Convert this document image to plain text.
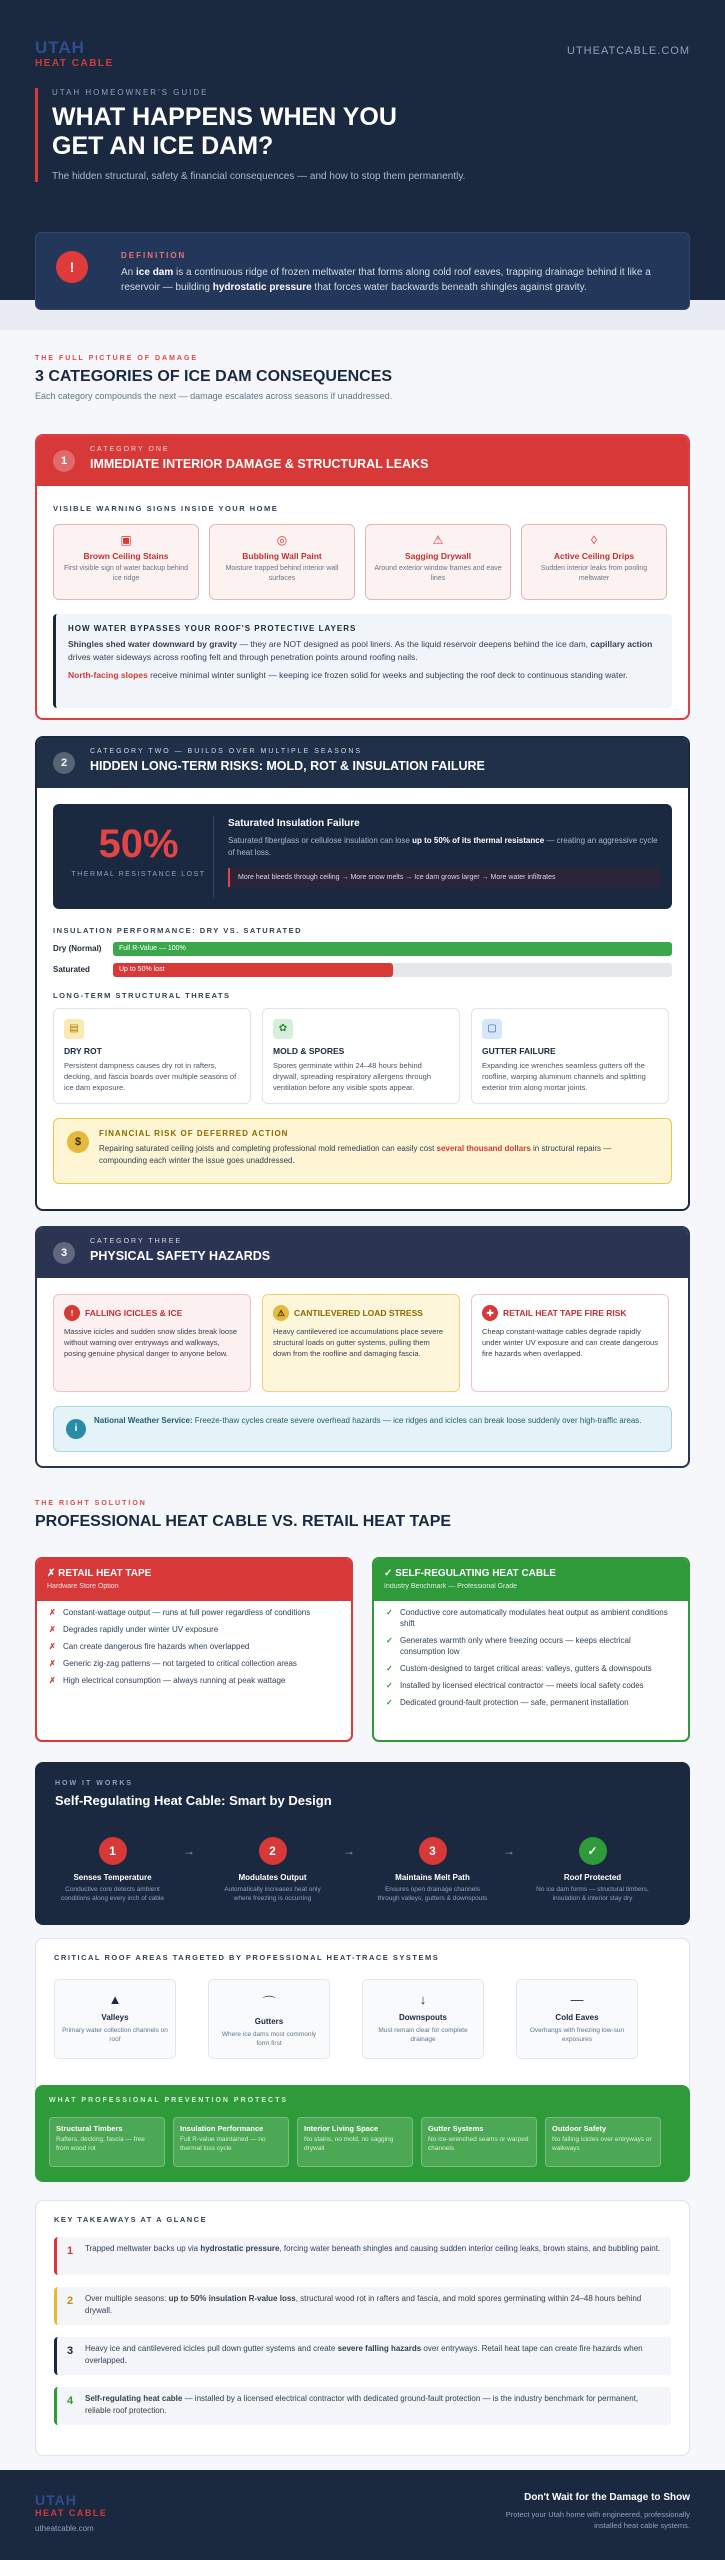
UTAH
HEAT CABLE
UTHEATCABLE.COM
UTAH HOMEOWNER'S GUIDE
WHAT HAPPENS WHEN YOU GET AN ICE DAM?
The hidden structural, safety & financial consequences — and how to stop them permanently.
!
DEFINITION
An ice dam is a continuous ridge of frozen meltwater that forms along cold roof eaves, trapping drainage behind it like a reservoir — building hydrostatic pressure that forces water backwards beneath shingles against gravity.
THE FULL PICTURE OF DAMAGE
3 CATEGORIES OF ICE DAM CONSEQUENCES
Each category compounds the next — damage escalates across seasons if unaddressed.
1
CATEGORY ONE
IMMEDIATE INTERIOR DAMAGE & STRUCTURAL LEAKS
VISIBLE WARNING SIGNS INSIDE YOUR HOME
▣
Brown Ceiling Stains
First visible sign of water backup behind ice ridge
◎
Bubbling Wall Paint
Moisture trapped behind interior wall surfaces
⚠
Sagging Drywall
Around exterior window frames and eave lines
◊
Active Ceiling Drips
Sudden interior leaks from pooling meltwater
HOW WATER BYPASSES YOUR ROOF'S PROTECTIVE LAYERS

Shingles shed water downward by gravity — they are NOT designed as pool liners. As the liquid reservoir deepens behind the ice dam, capillary action drives water sideways across roofing felt and through penetration points around roofing nails.

North-facing slopes receive minimal winter sunlight — keeping ice frozen solid for weeks and subjecting the roof deck to continuous standing water.

2
CATEGORY TWO — BUILDS OVER MULTIPLE SEASONS
HIDDEN LONG-TERM RISKS: MOLD, ROT & INSULATION FAILURE
50%
THERMAL RESISTANCE LOST
Saturated Insulation Failure
Saturated fiberglass or cellulose insulation can lose up to 50% of its thermal resistance — creating an aggressive cycle of heat loss.
More heat bleeds through ceiling → More snow melts → Ice dam grows larger → More water infiltrates
INSULATION PERFORMANCE: DRY VS. SATURATED
Dry (Normal)	Full R-Value — 100%
Saturated	Up to 50% lost
LONG-TERM STRUCTURAL THREATS
▤
DRY ROT
Persistent dampness causes dry rot in rafters, decking, and fascia boards over multiple seasons of ice dam exposure.
✿
MOLD & SPORES
Spores germinate within 24–48 hours behind drywall, spreading respiratory allergens through ventilation before any visible spots appear.
▢
GUTTER FAILURE
Expanding ice wrenches seamless gutters off the roofline, warping aluminum channels and splitting exterior trim along mortar joints.
$
FINANCIAL RISK OF DEFERRED ACTION
Repairing saturated ceiling joists and completing professional mold remediation can easily cost several thousand dollars in structural repairs — compounding each winter the issue goes unaddressed.
3
CATEGORY THREE
PHYSICAL SAFETY HAZARDS
! FALLING ICICLES & ICE
Massive icicles and sudden snow slides break loose without warning over entryways and walkways, posing genuine physical danger to anyone below.
⚠ CANTILEVERED LOAD STRESS
Heavy cantilevered ice accumulations place severe structural loads on gutter systems, pulling them down from the roofline and damaging fascia.
✚ RETAIL HEAT TAPE FIRE RISK
Cheap constant-wattage cables degrade rapidly under winter UV exposure and can create dangerous fire hazards when overlapped.
i
National Weather Service: Freeze-thaw cycles create severe overhead hazards — ice ridges and icicles can break loose suddenly over high-traffic areas.
THE RIGHT SOLUTION
PROFESSIONAL HEAT CABLE VS. RETAIL HEAT TAPE
✗ RETAIL HEAT TAPE
Hardware Store Option
✗ Constant-wattage output — runs at full power regardless of conditions
✗ Degrades rapidly under winter UV exposure
✗ Can create dangerous fire hazards when overlapped
✗ Generic zig-zag patterns — not targeted to critical collection areas
✗ High electrical consumption — always running at peak wattage
✓ SELF-REGULATING HEAT CABLE
Industry Benchmark — Professional Grade
✓ Conductive core automatically modulates heat output as ambient conditions shift
✓ Generates warmth only where freezing occurs — keeps electrical consumption low
✓ Custom-designed to target critical areas: valleys, gutters & downspouts
✓ Installed by licensed electrical contractor — meets local safety codes
✓ Dedicated ground-fault protection — safe, permanent installation
HOW IT WORKS
Self-Regulating Heat Cable: Smart by Design
1
Senses Temperature
Conductive core detects ambient conditions along every inch of cable
→	2
Modulates Output
Automatically increases heat only where freezing is occurring
→	3
Maintains Melt Path
Ensures open drainage channels through valleys, gutters & downspouts
→	✓
Roof Protected
No ice dam forms — structural timbers, insulation & interior stay dry
CRITICAL ROOF AREAS TARGETED BY PROFESSIONAL HEAT-TRACE SYSTEMS
▲
Valleys
Primary water collection channels on roof
⌒
Gutters
Where ice dams most commonly form first
↓
Downspouts
Must remain clear for complete drainage
—
Cold Eaves
Overhangs with freezing low-sun exposures
WHAT PROFESSIONAL PREVENTION PROTECTS
Structural Timbers
Rafters, decking, fascia — free from wood rot
Insulation Performance
Full R-value maintained — no thermal loss cycle
Interior Living Space
No stains, no mold, no sagging drywall
Gutter Systems
No ice-wrenched seams or warped channels
Outdoor Safety
No falling icicles over entryways or walkways
KEY TAKEAWAYS AT A GLANCE
1 Trapped meltwater backs up via hydrostatic pressure, forcing water beneath shingles and causing sudden interior ceiling leaks, brown stains, and bubbling paint.
2 Over multiple seasons: up to 50% insulation R-value loss, structural wood rot in rafters and fascia, and mold spores germinating within 24–48 hours behind drywall.
3 Heavy ice and cantilevered icicles pull down gutter systems and create severe falling hazards over entryways. Retail heat tape can create fire hazards when overlapped.
4 Self-regulating heat cable — installed by a licensed electrical contractor with dedicated ground-fault protection — is the industry benchmark for permanent, reliable roof protection.
UTAH
HEAT CABLE
utheatcable.com
Don't Wait for the Damage to Show
Protect your Utah home with engineered, professionally installed heat cable systems.
